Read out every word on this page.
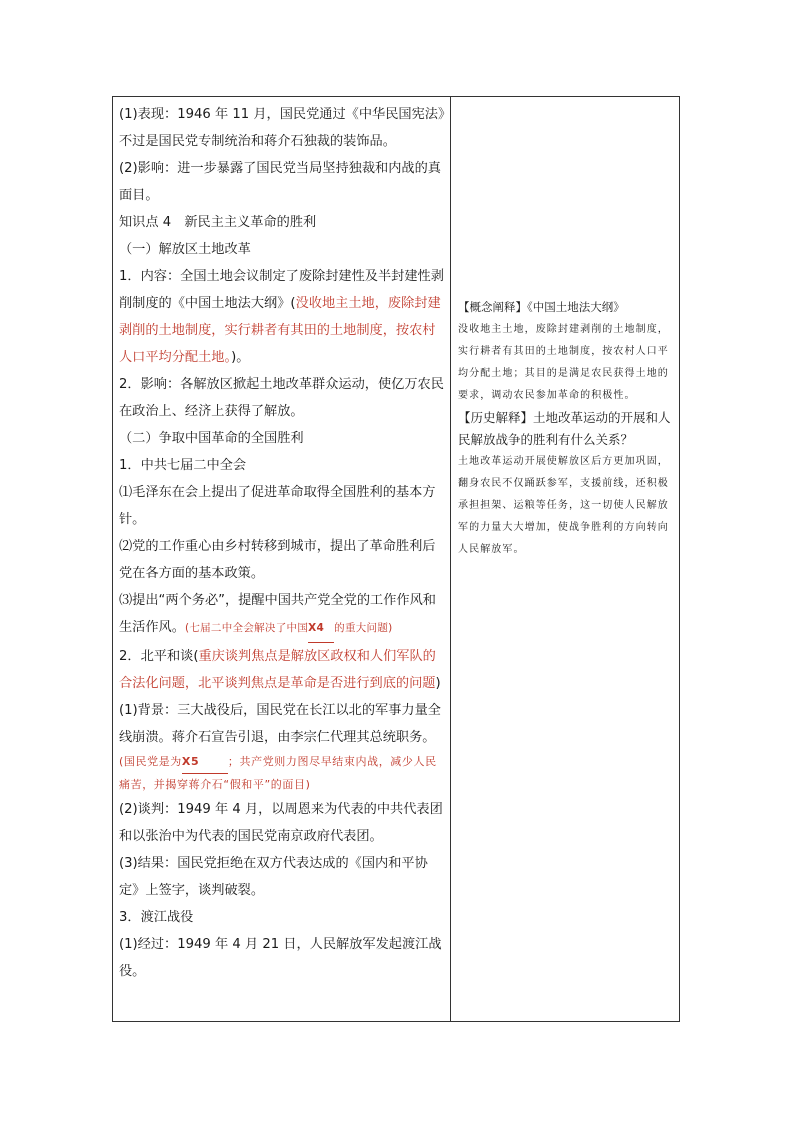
(1)表现：1946 年 11 月，国民党通过《中华民国宪法》不过是国民党专制统治和蒋介石独裁的装饰品。

(2)影响：进一步暴露了国民党当局坚持独裁和内战的真面目。

知识点 4　新民主主义革命的胜利

（一）解放区土地改革

1．内容：全国土地会议制定了废除封建性及半封建性剥削制度的《中国土地法大纲》(没收地主土地，废除封建剥削的土地制度，实行耕者有其田的土地制度，按农村人口平均分配土地。)。

2．影响：各解放区掀起土地改革群众运动，使亿万农民在政治上、经济上获得了解放。

（二）争取中国革命的全国胜利

1．中共七届二中全会

⑴毛泽东在会上提出了促进革命取得全国胜利的基本方针。

⑵党的工作重心由乡村转移到城市，提出了革命胜利后党在各方面的基本政策。

⑶提出“两个务必”，提醒中国共产党全党的工作作风和生活作风。(七届二中全会解决了中国X4 的重大问题)

2．北平和谈(重庆谈判焦点是解放区政权和人们军队的合法化问题，北平谈判焦点是革命是否进行到底的问题)

(1)背景：三大战役后，国民党在长江以北的军事力量全线崩溃。蒋介石宣告引退，由李宗仁代理其总统职务。

(国民党是为X5	；共产党则力图尽早结束内战，减少人民痛苦，并揭穿蒋介石“假和平”的面目)

(2)谈判：1949 年 4 月，以周恩来为代表的中共代表团和以张治中为代表的国民党南京政府代表团。

(3)结果：国民党拒绝在双方代表达成的《国内和平协定》上签字，谈判破裂。

3．渡江战役

(1)经过：1949 年 4 月 21 日，人民解放军发起渡江战役。

【概念阐释】《中国土地法大纲》

没收地主土地，废除封建剥削的土地制度，实行耕者有其田的土地制度，按农村人口平均分配土地；其目的是满足农民获得土地的要求，调动农民参加革命的积极性。

【历史解释】土地改革运动的开展和人民解放战争的胜利有什么关系？

土地改革运动开展使解放区后方更加巩固，翻身农民不仅踊跃参军，支援前线，还积极承担担架、运粮等任务，这一切使人民解放军的力量大大增加，使战争胜利的方向转向人民解放军。
